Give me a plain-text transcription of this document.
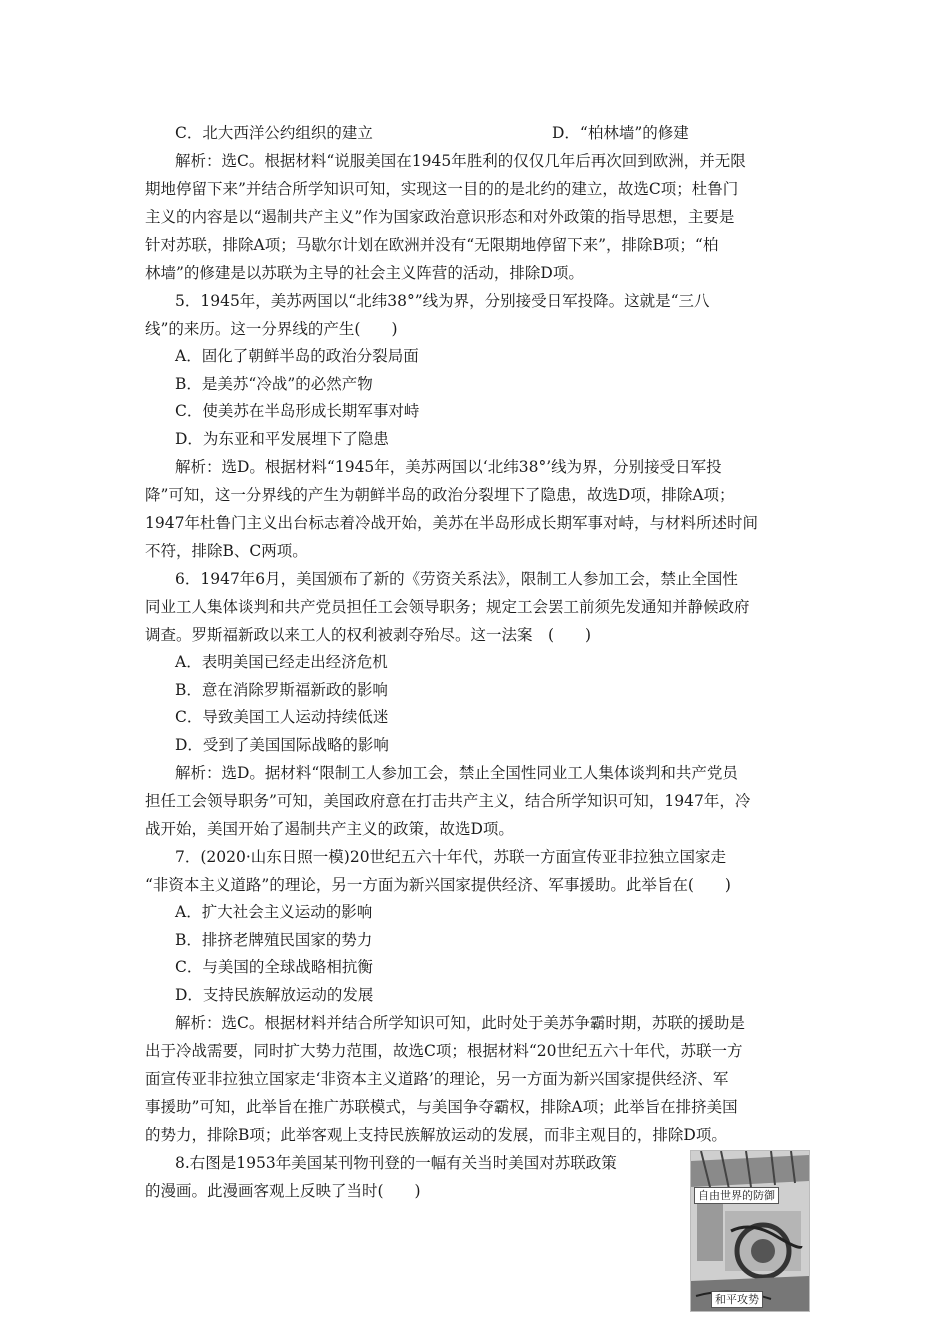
C．北大西洋公约组织的建立	D．“柏林墙”的修建
解析：选C。根据材料“说服美国在1945年胜利的仅仅几年后再次回到欧洲，并无限
期地停留下来”并结合所学知识可知，实现这一目的的是北约的建立，故选C项；杜鲁门
主义的内容是以“遏制共产主义”作为国家政治意识形态和对外政策的指导思想，主要是
针对苏联，排除A项；马歇尔计划在欧洲并没有“无限期地停留下来”，排除B项；“柏
林墙”的修建是以苏联为主导的社会主义阵营的活动，排除D项。
5．1945年，美苏两国以“北纬38°”线为界，分别接受日军投降。这就是“三八
线”的来历。这一分界线的产生(　　)
A．固化了朝鲜半岛的政治分裂局面
B．是美苏“冷战”的必然产物
C．使美苏在半岛形成长期军事对峙
D．为东亚和平发展埋下了隐患
解析：选D。根据材料“1945年，美苏两国以‘北纬38°’线为界，分别接受日军投
降”可知，这一分界线的产生为朝鲜半岛的政治分裂埋下了隐患，故选D项，排除A项；
1947年杜鲁门主义出台标志着冷战开始，美苏在半岛形成长期军事对峙，与材料所述时间
不符，排除B、C两项。
6．1947年6月，美国颁布了新的《劳资关系法》，限制工人参加工会，禁止全国性
同业工人集体谈判和共产党员担任工会领导职务；规定工会罢工前须先发通知并静候政府
调查。罗斯福新政以来工人的权利被剥夺殆尽。这一法案　(　　)
A．表明美国已经走出经济危机
B．意在消除罗斯福新政的影响
C．导致美国工人运动持续低迷
D．受到了美国国际战略的影响
解析：选D。据材料“限制工人参加工会，禁止全国性同业工人集体谈判和共产党员
担任工会领导职务”可知，美国政府意在打击共产主义，结合所学知识可知，1947年，冷
战开始，美国开始了遏制共产主义的政策，故选D项。
7．(2020·山东日照一模)20世纪五六十年代，苏联一方面宣传亚非拉独立国家走
“非资本主义道路”的理论，另一方面为新兴国家提供经济、军事援助。此举旨在(　　)
A．扩大社会主义运动的影响
B．排挤老牌殖民国家的势力
C．与美国的全球战略相抗衡
D．支持民族解放运动的发展
解析：选C。根据材料并结合所学知识可知，此时处于美苏争霸时期，苏联的援助是
出于冷战需要，同时扩大势力范围，故选C项；根据材料“20世纪五六十年代，苏联一方
面宣传亚非拉独立国家走‘非资本主义道路’的理论，另一方面为新兴国家提供经济、军
事援助”可知，此举旨在推广苏联模式，与美国争夺霸权，排除A项；此举旨在排挤美国
的势力，排除B项；此举客观上支持民族解放运动的发展，而非主观目的，排除D项。
8.右图是1953年美国某刊物刊登的一幅有关当时美国对苏联政策
的漫画。此漫画客观上反映了当时(　　)	自由世界的防御
和平攻势
